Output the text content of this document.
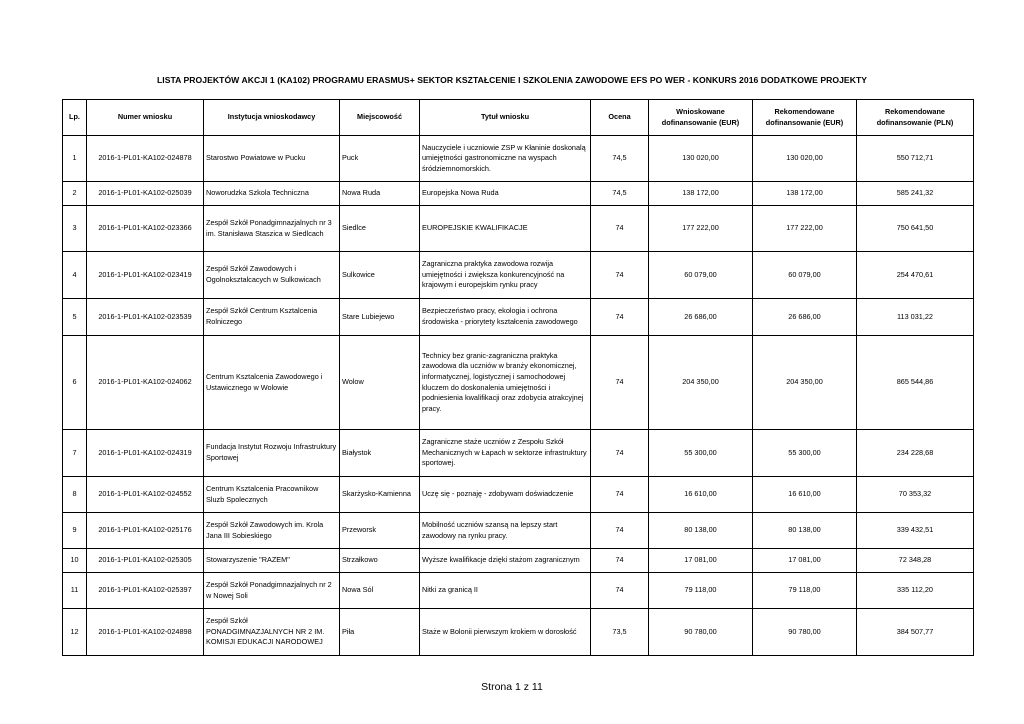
LISTA PROJEKTÓW AKCJI 1 (KA102) PROGRAMU ERASMUS+ SEKTOR KSZTAŁCENIE I SZKOLENIA ZAWODOWE EFS PO WER - KONKURS 2016 DODATKOWE PROJEKTY
Lp.	Numer wniosku	Instytucja wnioskodawcy	Miejscowość	Tytuł wniosku	Ocena	Wnioskowane dofinansowanie (EUR)	Rekomendowane dofinansowanie (EUR)	Rekomendowane dofinansowanie (PLN)
1	2016-1-PL01-KA102-024878	Starostwo Powiatowe w Pucku	Puck	Nauczyciele i uczniowie ZSP w Kłaninie doskonalą umiejętności gastronomiczne na wyspach śródziemnomorskich.	74,5	130 020,00	130 020,00	550 712,71
2	2016-1-PL01-KA102-025039	Noworudzka Szkola Techniczna	Nowa Ruda	Europejska Nowa Ruda	74,5	138 172,00	138 172,00	585 241,32
3	2016-1-PL01-KA102-023366	Zespół Szkół Ponadgimnazjalnych nr 3 im. Stanisława Staszica w Siedlcach	Siedlce	EUROPEJSKIE KWALIFIKACJE	74	177 222,00	177 222,00	750 641,50
4	2016-1-PL01-KA102-023419	Zespół Szkół Zawodowych i Ogolnoksztalcacych w Sulkowicach	Sulkowice	Zagraniczna praktyka zawodowa rozwija umiejętności i zwiększa konkurencyjność na krajowym i europejskim rynku pracy	74	60 079,00	60 079,00	254 470,61
5	2016-1-PL01-KA102-023539	Zespół Szkół Centrum Ksztalcenia Rolniczego	Stare Lubiejewo	Bezpieczeństwo pracy, ekologia i ochrona środowiska - priorytety kształcenia zawodowego	74	26 686,00	26 686,00	113 031,22
6	2016-1-PL01-KA102-024062	Centrum Ksztalcenia Zawodowego i Ustawicznego w Wolowie	Wolow	Technicy bez granic-zagraniczna praktyka zawodowa dla uczniów w branży ekonomicznej, informatycznej, logistycznej i samochodowej kluczem do doskonalenia umiejętności i podniesienia kwalifikacji oraz zdobycia atrakcyjnej pracy.	74	204 350,00	204 350,00	865 544,86
7	2016-1-PL01-KA102-024319	Fundacja Instytut Rozwoju Infrastruktury Sportowej	Białystok	Zagraniczne staże uczniów z Zespołu Szkół Mechanicznych w Łapach w sektorze infrastruktury sportowej.	74	55 300,00	55 300,00	234 228,68
8	2016-1-PL01-KA102-024552	Centrum Ksztalcenia Pracownikow Sluzb Spolecznych	Skarżysko-Kamienna	Uczę się - poznaję - zdobywam doświadczenie	74	16 610,00	16 610,00	70 353,32
9	2016-1-PL01-KA102-025176	Zespół Szkół Zawodowych im. Krola Jana III Sobieskiego	Przeworsk	Mobilność uczniów szansą na lepszy start zawodowy na rynku pracy.	74	80 138,00	80 138,00	339 432,51
10	2016-1-PL01-KA102-025305	Stowarzyszenie "RAZEM"	Strzałkowo	Wyższe kwalifikacje dzięki stażom zagranicznym	74	17 081,00	17 081,00	72 348,28
11	2016-1-PL01-KA102-025397	Zespół Szkół Ponadgimnazjalnych nr 2 w Nowej Soli	Nowa Sól	Nitki za granicą II	74	79 118,00	79 118,00	335 112,20
12	2016-1-PL01-KA102-024898	Zespół Szkół PONADGIMNAZJALNYCH NR 2 IM. KOMISJI EDUKACJI NARODOWEJ	Piła	Staże w Bolonii pierwszym krokiem w dorosłość	73,5	90 780,00	90 780,00	384 507,77
Strona 1 z 11
